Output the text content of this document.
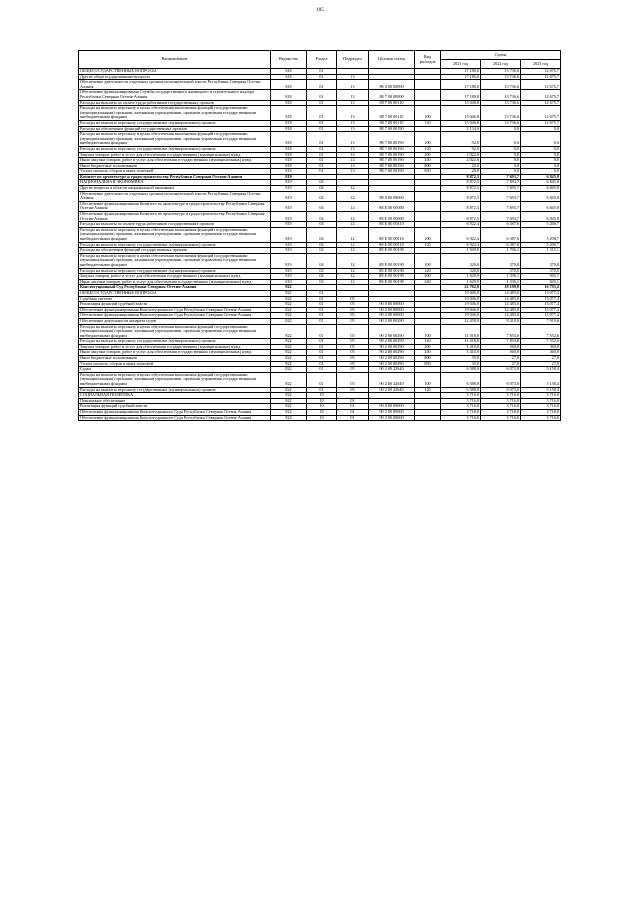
105
Наименование	Ведомство	Раздел	Подраздел	Целевая статья	Вид расходов	Сумма		
						2021 год	2022 год	2023 год
ОБЩЕГОСУДАРСТВЕННЫЕ ВОПРОСЫ	818	01				17 180,8	13 736,6	12 675,7
Другие общегосударственные вопросы	818	01	13			17 180,8	13 736,6	12 675,7
Обеспечение деятельности отдельных органов исполнительной власти Республики Северная Осетия-Алания	818	01	13	88 0 00 00000		17 180,8	13 736,6	12 675,7
Обеспечение функционирования Службы государственного жилищного и строительного надзора Республики Северная Осетия-Алания	818	01	13	88 7 00 00000		17 180,8	13 736,6	12 675,7
Расходы на выплаты по оплате труда работников государственных органов	818	01	13	88 7 00 00110		15 046,8	13 736,6	12 675,7
Расходы на выплаты персоналу в целях обеспечения выполнения функций государственными (муниципальными) органами, казенными учреждениями, органами управления государственными внебюджетными фондами	818	01	13	88 7 00 00110	100	15 046,8	13 736,6	12 675,7
Расходы на выплаты персоналу государственных (муниципальных) органов	818	01	13	88 7 00 00110	120	15 046,8	13 736,6	12 675,7
Расходы на обеспечение функций государственных органов	818	01	13	88 7 00 00190		2 134,0	0,0	0,0
Расходы на выплаты персоналу в целях обеспечения выполнения функций государственными (муниципальными) органами, казенными учреждениями, органами управления государственными внебюджетными фондами	818	01	13	88 7 00 00190	100	92,0	0,0	0,0
Расходы на выплаты персоналу государственных (муниципальных) органов	818	01	13	88 7 00 00190	120	92,0	0,0	0,0
Закупка товаров, работ и услуг для обеспечения государственных (муниципальных) нужд	818	01	13	88 7 00 00190	200	2 022,0	0,0	0,0
Иные закупки товаров, работ и услуг для обеспечения государственных (муниципальных) нужд	818	01	13	88 7 00 00190	240	2 022,0	0,0	0,0
Иные бюджетные ассигнования	818	01	13	88 7 00 00190	800	20,0	0,0	0,0
Уплата налогов, сборов и иных платежей	818	01	13	88 7 00 00190	850	20,0	0,0	0,0
Комитет по архитектуре и градостроительству Республики Северная Осетия-Алания	819					8 872,3	7 693,7	6 845,8
НАЦИОНАЛЬНАЯ ЭКОНОМИКА	819	04				8 872,3	7 693,7	6 845,8
Другие вопросы в области национальной экономики	819	04	12			8 872,3	7 693,7	6 845,8
Обеспечение деятельности отдельных органов исполнительной власти Республики Северная Осетия-Алания	819	04	12	88 0 00 00000		8 872,3	7 693,7	6 845,8
Обеспечение функционирования Комитета по архитектуре и градостроительству Республики Северная Осетия-Алания	819	04	12	88 E 00 00000		8 872,3	7 693,7	6 845,8
Обеспечение функционирования Комитета по архитектуре и градостроительству Республики Северная Осетия-Алания	819	04	12	88 E 00 00000		8 872,3	7 693,7	6 845,8
Расходы на выплаты по оплате труда работников государственных органов	819	04	12	88 E 00 00110		6 922,4	6 387,6	5 200,7
Расходы на выплаты персоналу в целях обеспечения выполнения функций государственными (муниципальными) органами, казенными учреждениями, органами управления государственными внебюджетными фондами	819	04	12	88 E 00 00110	100	6 922,4	6 387,6	5 200,7
Расходы на выплаты персоналу государственных (муниципальных) органов	819	04	12	88 E 00 00110	120	6 922,4	6 387,6	5 200,7
Расходы на обеспечение функций государственных органов	819	04	12	88 E 00 00190		1 949,9	1 706,1	1 315,1
Расходы на выплаты персоналу в целях обеспечения выполнения функций государственными (муниципальными) органами, казенными учреждениями, органами управления государственными внебюджетными фондами	819	04	12	88 E 00 00190	100	320,0	370,0	370,0
Расходы на выплаты персоналу государственных (муниципальных) органов	819	04	12	88 E 00 00190	120	320,0	370,0	370,0
Закупка товаров, работ и услуг для обеспечения государственных (муниципальных) нужд	819	04	12	88 E 00 00190	200	1 629,9	1 336,1	945,1
Иные закупки товаров, работ и услуг для обеспечения государственных (муниципальных) нужд	819	04	12	88 E 00 00190	240	1 629,9	1 336,1	945,1
Конституционный Суд Республики Северная Осетия-Алания	822					22 762,0	18 199,0	16 793,4
ОБЩЕГОСУДАРСТВЕННЫЕ ВОПРОСЫ	822	01				19 046,0	14 483,0	13 077,4
Судебная система	822	01	05			19 046,0	14 483,0	13 077,4
Реализация функций судебной власти	822	01	05	90 0 00 00000		19 046,0	14 483,0	13 077,4
Обеспечение функционирования Конституционного Суда Республики Северная Осетия-Алания	822	01	05	90 2 00 00000		19 046,0	14 483,0	13 077,4
Обеспечение функционирования Конституционного Суда Республики Северная Осетия-Алания	822	01	05	90 2 00 00000		19 046,0	14 483,0	13 077,4
Обеспечение деятельности аппарата судов	822	01	05	90 2 00 00290		12 458,0	8 410,0	7 919,6
Расходы на выплаты персоналу в целях обеспечения выполнения функций государственными (муниципальными) органами, казенными учреждениями, органами управления государственными внебюджетными фондами	822	01	05	90 2 00 00290	100	11 018,0	7 853,0	7 552,6
Расходы на выплаты персоналу государственных (муниципальных) органов	822	01	05	90 2 00 00290	120	11 018,0	7 853,0	7 552,6
Закупка товаров, работ и услуг для обеспечения государственных (муниципальных) нужд	822	01	05	90 2 00 00290	200	1 410,0	560,0	360,0
Иные закупки товаров, работ и услуг для обеспечения государственных (муниципальных) нужд	822	01	05	90 2 00 00290	240	1 410,0	560,0	360,0
Иные бюджетные ассигнования	822	01	05	90 2 00 00290	800	35,0	27,0	27,0
Уплата налогов, сборов и иных платежей	822	01	05	90 2 00 00290	850	35,0	27,0	27,0
Судьи	822	01	05	90 2 00 22640		6 588,0	6 073,0	5 158,4
Расходы на выплаты персоналу в целях обеспечения выполнения функций государственными (муниципальными) органами, казенными учреждениями, органами управления государственными внебюджетными фондами	822	01	05	90 2 00 22640	100	6 588,0	6 073,0	5 158,4
Расходы на выплаты персоналу государственных (муниципальных) органов	822	01	05	90 2 00 22640	120	6 588,0	6 073,0	5 158,4
СОЦИАЛЬНАЯ ПОЛИТИКА	822	10				3 716,0	3 716,0	3 716,0
Пенсионное обеспечение	822	10	01			3 716,0	3 716,0	3 716,0
Реализация функций судебной власти	822	10	01	90 0 00 00000		3 716,0	3 716,0	3 716,0
Обеспечение функционирования Конституционного Суда Республики Северная Осетия-Алания	822	10	01	90 2 00 00000		3 716,0	3 716,0	3 716,0
Обеспечение функционирования Конституционного Суда Республики Северная Осетия-Алания	822	10	01	90 2 00 00000		3 716,0	3 716,0	3 716,0
